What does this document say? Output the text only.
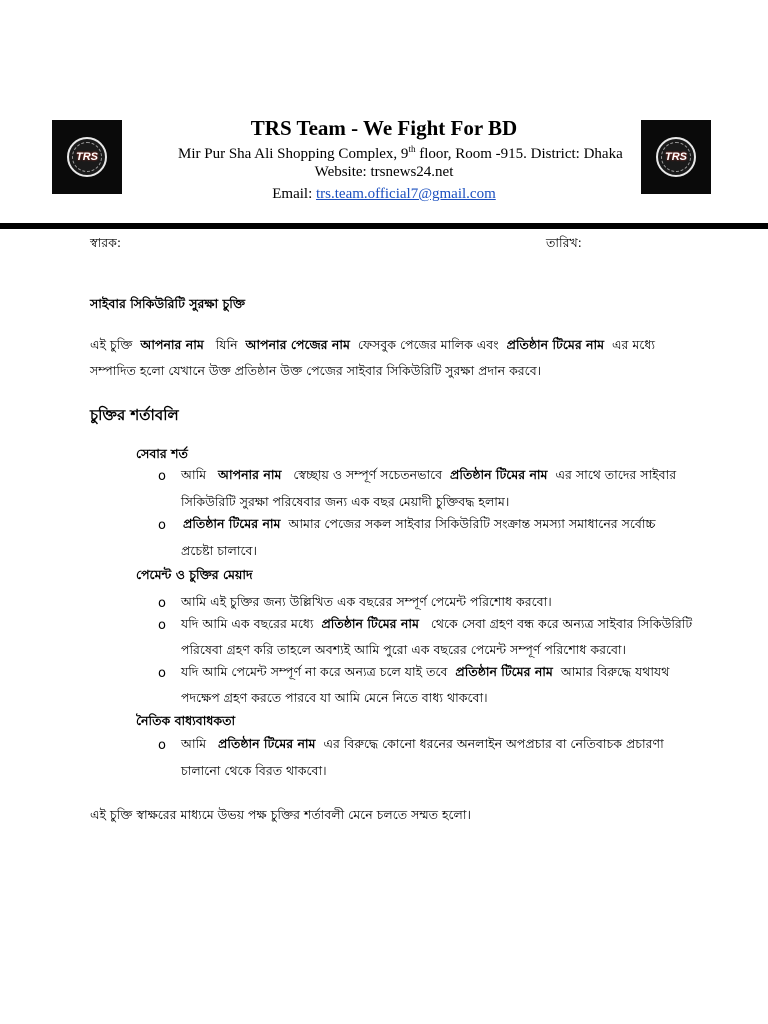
TRS	TRS
TRS Team - We Fight For BD
Mir Pur Sha Ali Shopping Complex, 9th floor, Room -915. District: Dhaka
Website: trsnews24.net
Email: trs.team.official7@gmail.com
স্বারক:	তারিখ:
সাইবার সিকিউরিটি সুরক্ষা চুক্তি
এই চুক্তি আপনার নাম যিনি আপনার পেজের নাম ফেসবুক পেজের মালিক এবং প্রতিষ্ঠান টিমের নাম এর মধ্যে
সম্পাদিত হলো যেখানে উক্ত প্রতিষ্ঠান উক্ত পেজের সাইবার সিকিউরিটি সুরক্ষা প্রদান করবে।
চুক্তির শর্তাবলি
সেবার শর্ত
o আমি আপনার নাম স্বেচ্ছায় ও সম্পূর্ণ সচেতনভাবে প্রতিষ্ঠান টিমের নাম এর সাথে তাদের সাইবার
সিকিউরিটি সুরক্ষা পরিষেবার জন্য এক বছর মেয়াদী চুক্তিবদ্ধ হলাম।
o প্রতিষ্ঠান টিমের নাম আমার পেজের সকল সাইবার সিকিউরিটি সংক্রান্ত সমস্যা সমাধানের সর্বোচ্চ
প্রচেষ্টা চালাবে।
পেমেন্ট ও চুক্তির মেয়াদ
o আমি এই চুক্তির জন্য উল্লিখিত এক বছরের সম্পূর্ণ পেমেন্ট পরিশোধ করবো।
o যদি আমি এক বছরের মধ্যে প্রতিষ্ঠান টিমের নাম থেকে সেবা গ্রহণ বন্ধ করে অন্যত্র সাইবার সিকিউরিটি
পরিষেবা গ্রহণ করি তাহলে অবশ্যই আমি পুরো এক বছরের পেমেন্ট সম্পূর্ণ পরিশোধ করবো।
o যদি আমি পেমেন্ট সম্পূর্ণ না করে অন্যত্র চলে যাই তবে প্রতিষ্ঠান টিমের নাম আমার বিরুদ্ধে যথাযথ
পদক্ষেপ গ্রহণ করতে পারবে যা আমি মেনে নিতে বাধ্য থাকবো।
নৈতিক বাধ্যবাধকতা
o আমি প্রতিষ্ঠান টিমের নাম এর বিরুদ্ধে কোনো ধরনের অনলাইন অপপ্রচার বা নেতিবাচক প্রচারণা
চালানো থেকে বিরত থাকবো।
এই চুক্তি স্বাক্ষরের মাধ্যমে উভয় পক্ষ চুক্তির শর্তাবলী মেনে চলতে সম্মত হলো।
